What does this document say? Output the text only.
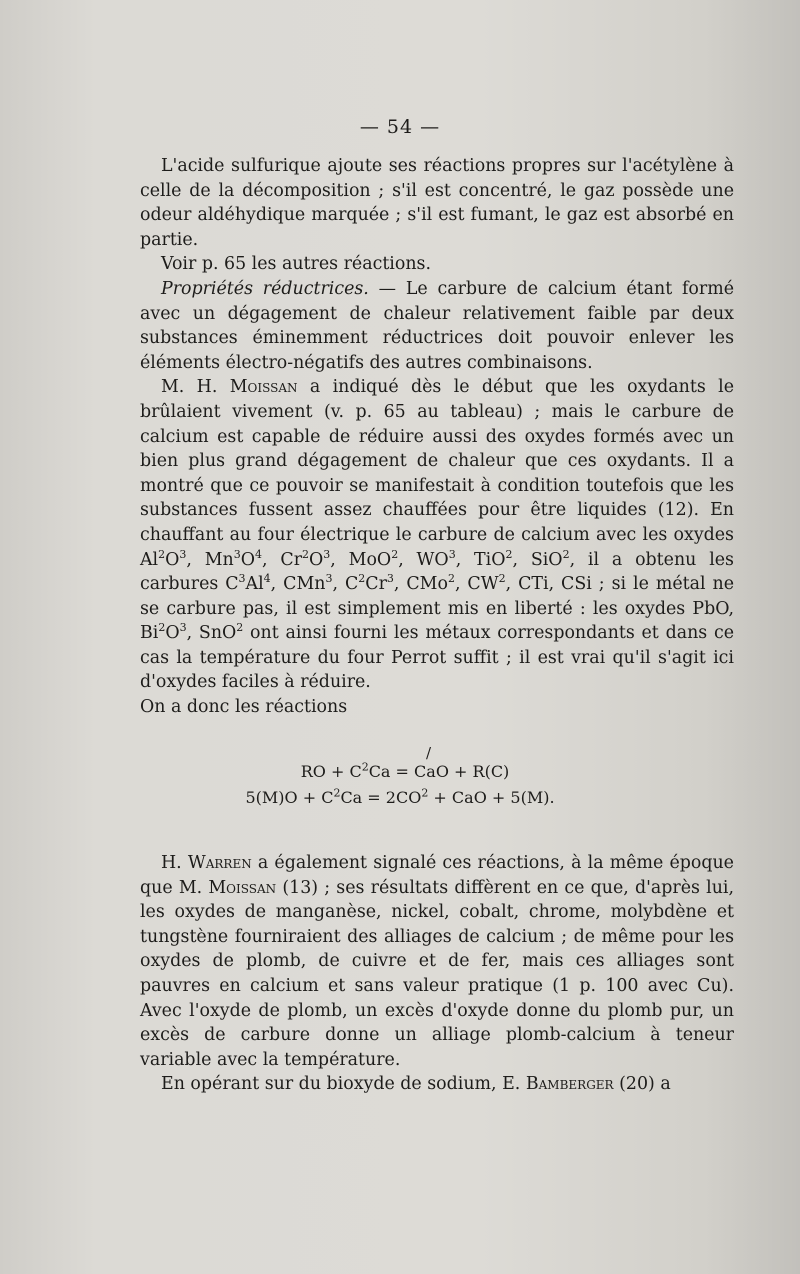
— 54 —

L'acide sulfurique ajoute ses réactions propres sur l'acétylène à celle de la décomposition ; s'il est concentré, le gaz possède une odeur aldéhydique marquée ; s'il est fumant, le gaz est absorbé en partie.

Voir p. 65 les autres réactions.

Propriétés réductrices. — Le carbure de calcium étant formé avec un dégagement de chaleur relativement faible par deux substances éminemment réductrices doit pouvoir enlever les éléments électro-négatifs des autres combinaisons.

M. H. Moissan a indiqué dès le début que les oxydants le brûlaient vivement (v. p. 65 au tableau) ; mais le carbure de calcium est capable de réduire aussi des oxydes formés avec un bien plus grand dégagement de chaleur que ces oxydants. Il a montré que ce pouvoir se manifestait à condition toutefois que les substances fussent assez chauffées pour être liquides (12). En chauffant au four électrique le carbure de calcium avec les oxydes $Al^2O^3$, $Mn^3O^4$, $Cr^2O^3$, MoO$^2$, $WO^3$, TiO$^2$, SiO$^2$, il a obtenu les carbures $C^3Al^4$, CMn$^3$, $C^2Cr^3$, CMo$^2$, $CW^2$, CTi, CSi ; si le métal ne se carbure pas, il est simplement mis en liberté : les oxydes PbO, $Bi^2O^3$, SnO$^2$ ont ainsi fourni les métaux correspondants et dans ce cas la température du four Perrot suffit ; il est vrai qu'il s'agit ici d'oxydes faciles à réduire.

On a donc les réactions

/
RO + $C^2Ca$ = CaO + R(C)
$5(M)O + C^2Ca = 2CO^2$ + CaO + 5(M).

H. Warren a également signalé ces réactions, à la même époque que M. Moissan (13) ; ses résultats diffèrent en ce que, d'après lui, les oxydes de manganèse, nickel, cobalt, chrome, molybdène et tungstène fourniraient des alliages de calcium ; de même pour les oxydes de plomb, de cuivre et de fer, mais ces alliages sont pauvres en calcium et sans valeur pratique (1 p. 100 avec Cu). Avec l'oxyde de plomb, un excès d'oxyde donne du plomb pur, un excès de carbure donne un alliage plomb-calcium à teneur variable avec la température.

En opérant sur du bioxyde de sodium, E. Bamberger (20) a
